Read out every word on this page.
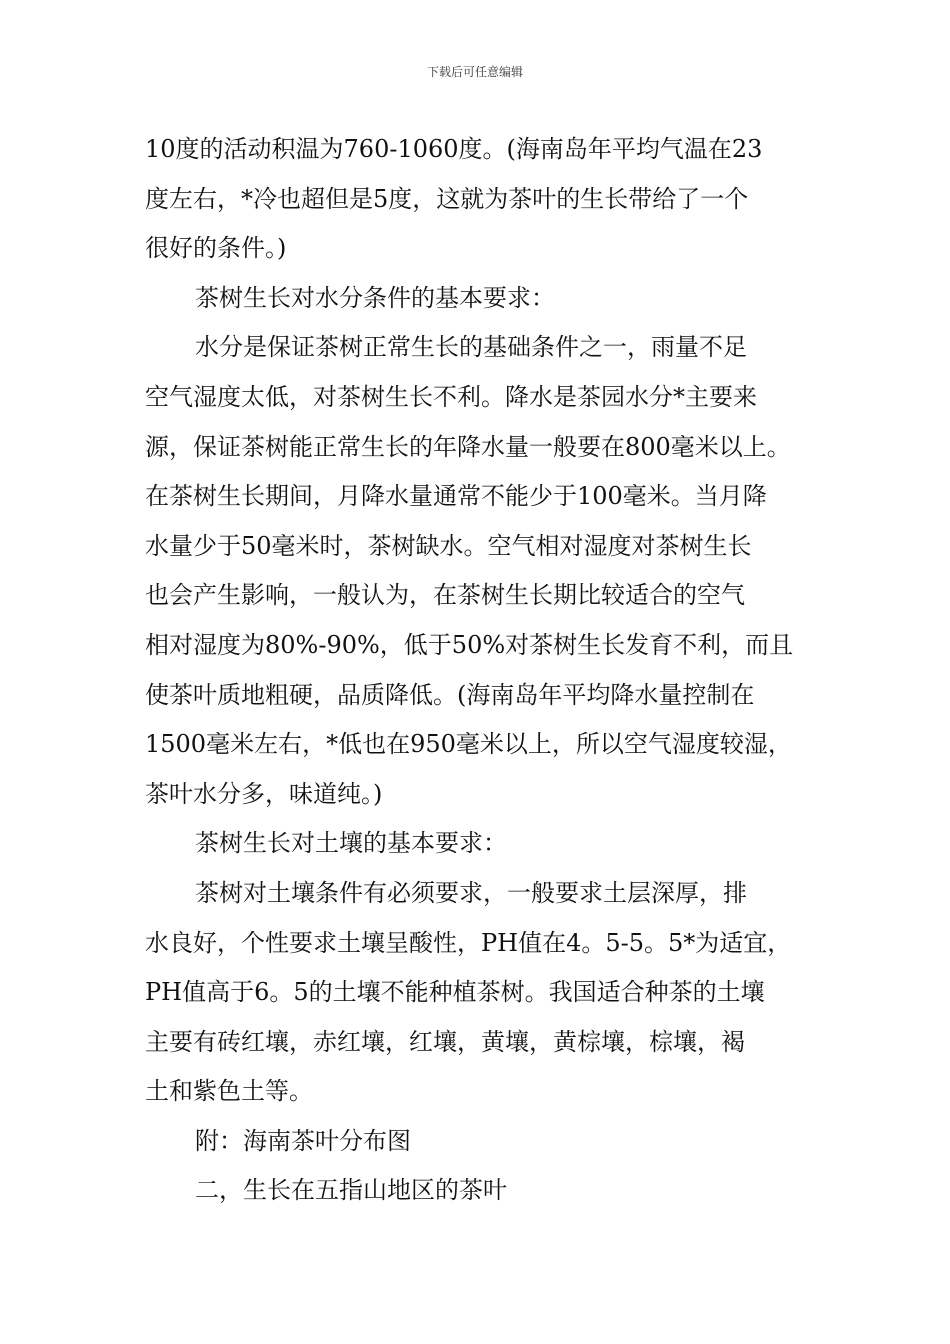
下载后可任意编辑
10度的活动积温为760-1060度。(海南岛年平均气温在23
度左右，*冷也超但是5度，这就为茶叶的生长带给了一个
很好的条件。)
茶树生长对水分条件的基本要求：
水分是保证茶树正常生长的基础条件之一，雨量不足
空气湿度太低，对茶树生长不利。降水是茶园水分*主要来
源，保证茶树能正常生长的年降水量一般要在800毫米以上。
在茶树生长期间，月降水量通常不能少于100毫米。当月降
水量少于50毫米时，茶树缺水。空气相对湿度对茶树生长
也会产生影响，一般认为，在茶树生长期比较适合的空气
相对湿度为80%-90%，低于50%对茶树生长发育不利，而且
使茶叶质地粗硬，品质降低。(海南岛年平均降水量控制在
1500毫米左右，*低也在950毫米以上，所以空气湿度较湿，
茶叶水分多，味道纯。)
茶树生长对土壤的基本要求：
茶树对土壤条件有必须要求，一般要求土层深厚，排
水良好，个性要求土壤呈酸性，PH值在4。5-5。5*为适宜，
PH值高于6。5的土壤不能种植茶树。我国适合种茶的土壤
主要有砖红壤，赤红壤，红壤，黄壤，黄棕壤，棕壤，褐
土和紫色土等。
附：海南茶叶分布图
二，生长在五指山地区的茶叶
